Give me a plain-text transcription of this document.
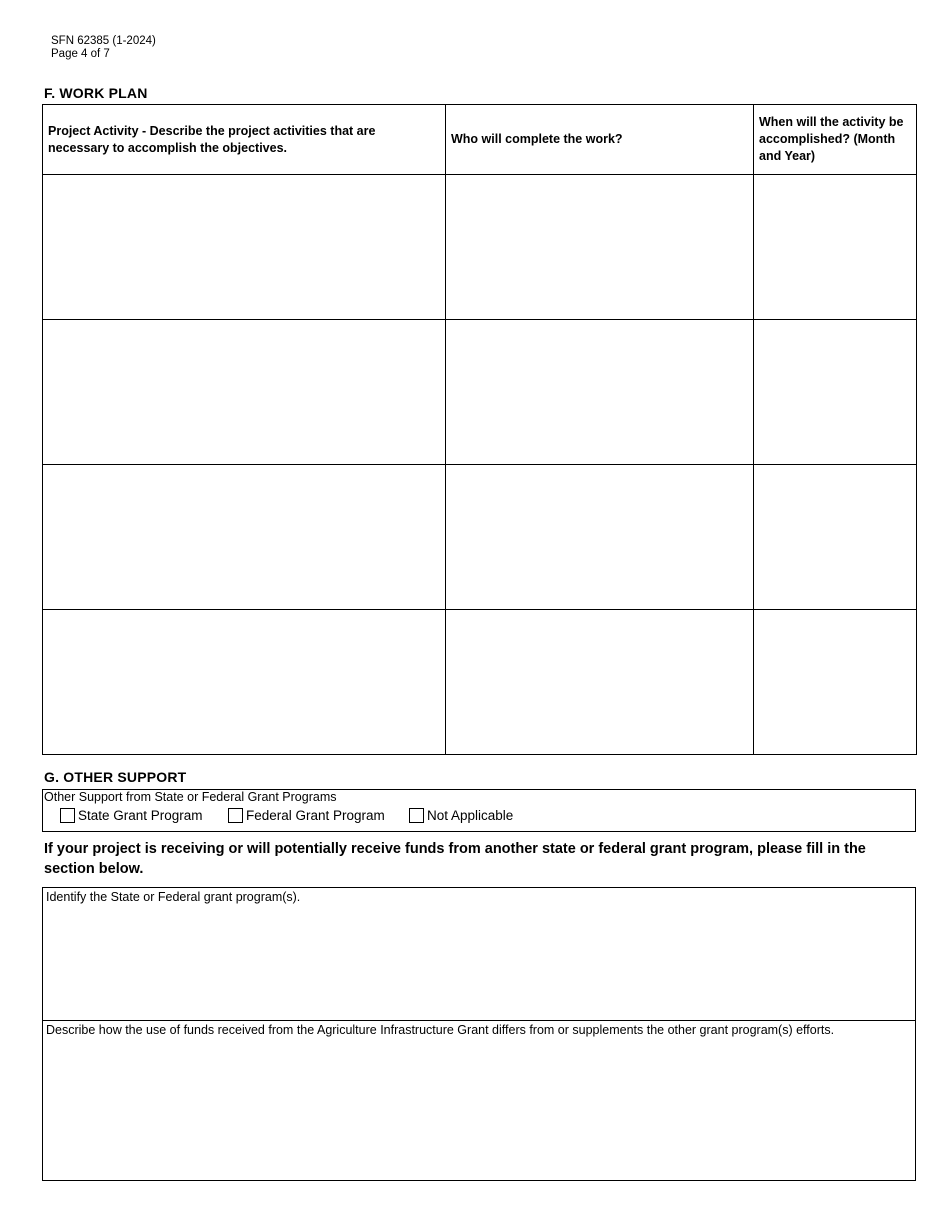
SFN 62385 (1-2024)
Page 4 of 7
F. WORK PLAN
Project Activity - Describe the project activities that are necessary to accomplish the objectives.	Who will complete the work?	When will the activity be accomplished? (Month and Year)

G. OTHER SUPPORT
Other Support from State or Federal Grant Programs
State Grant Program	Federal Grant Program	Not Applicable
If your project is receiving or will potentially receive funds from another state or federal grant program, please fill in the section below.
Identify the State or Federal grant program(s).
Describe how the use of funds received from the Agriculture Infrastructure Grant differs from or supplements the other grant program(s) efforts.
